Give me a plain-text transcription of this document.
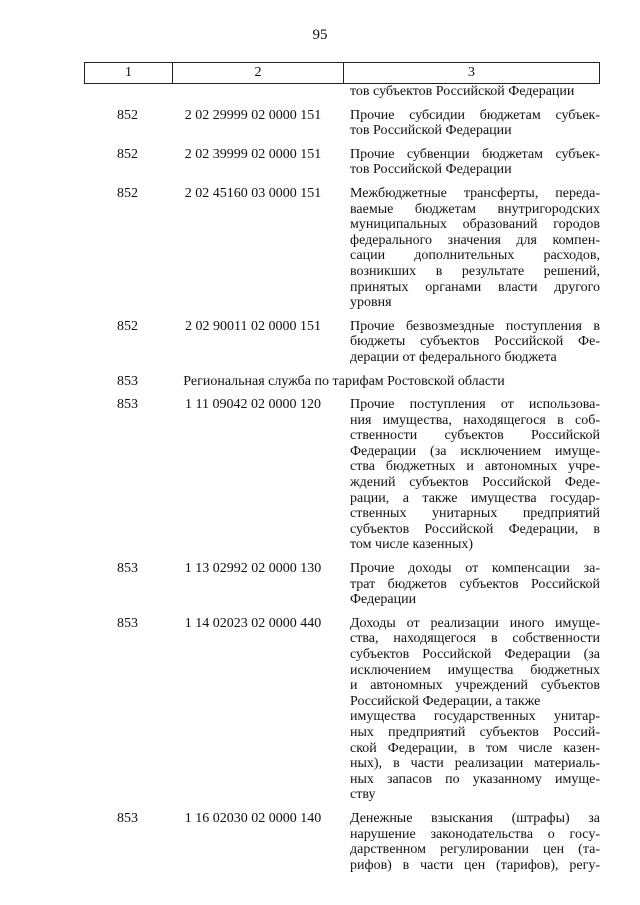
95
1	2	3
тов субъектов Российской Федерации
852	2 02 29999 02 0000 151	Прочие субсидии бюджетам субъек-
тов Российской Федерации
852	2 02 39999 02 0000 151	Прочие субвенции бюджетам субъек-
тов Российской Федерации
852	2 02 45160 03 0000 151	Межбюджетные трансферты, переда-
ваемые бюджетам внутригородских
муниципальных образований городов
федерального значения для компен-
сации дополнительных расходов,
возникших в результате решений,
принятых органами власти другого
уровня
852	2 02 90011 02 0000 151	Прочие безвозмездные поступления в
бюджеты субъектов Российской Фе-
дерации от федерального бюджета
853	Региональная служба по тарифам Ростовской области
853	1 11 09042 02 0000 120	Прочие поступления от использова-
ния имущества, находящегося в соб-
ственности субъектов Российской
Федерации (за исключением имуще-
ства бюджетных и автономных учре-
ждений субъектов Российской Феде-
рации, а также имущества государ-
ственных унитарных предприятий
субъектов Российской Федерации, в
том числе казенных)
853	1 13 02992 02 0000 130	Прочие доходы от компенсации за-
трат бюджетов субъектов Российской
Федерации
853	1 14 02023 02 0000 440	Доходы от реализации иного имуще-
ства, находящегося в собственности
субъектов Российской Федерации (за
исключением имущества бюджетных
и автономных учреждений субъектов
Российской Федерации, а также
имущества государственных унитар-
ных предприятий субъектов Россий-
ской Федерации, в том числе казен-
ных), в части реализации материаль-
ных запасов по указанному имуще-
ству
853	1 16 02030 02 0000 140	Денежные взыскания (штрафы) за
нарушение законодательства о госу-
дарственном регулировании цен (та-
рифов) в части цен (тарифов), регу-
